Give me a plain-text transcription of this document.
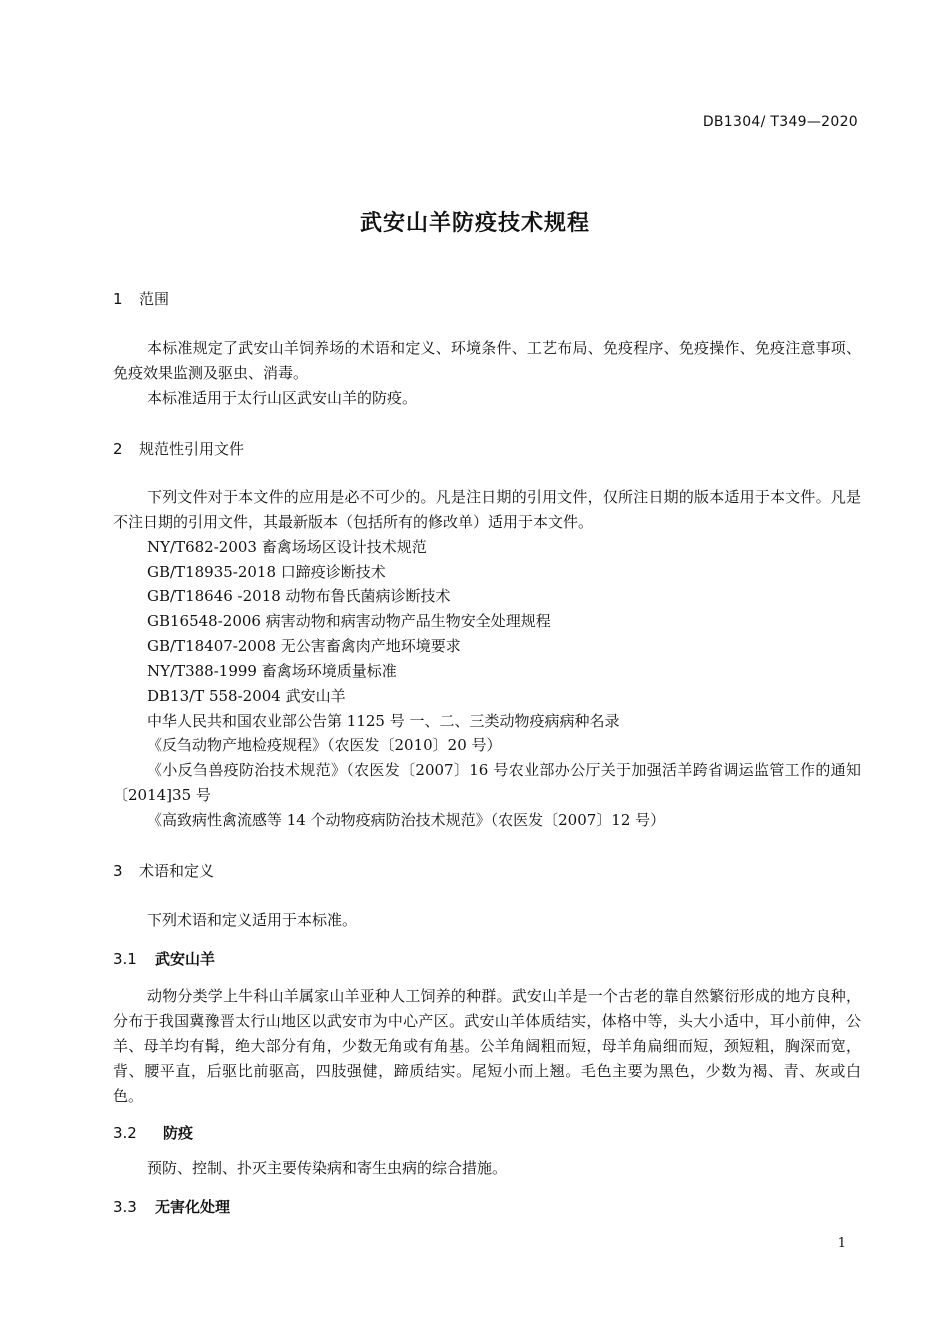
DB1304/ T349—2020
武安山羊防疫技术规程
1 范围
本标准规定了武安山羊饲养场的术语和定义、环境条件、工艺布局、免疫程序、免疫操作、免疫注意事项、免疫效果监测及驱虫、消毒。
本标准适用于太行山区武安山羊的防疫。
2 规范性引用文件
下列文件对于本文件的应用是必不可少的。凡是注日期的引用文件，仅所注日期的版本适用于本文件。凡是不注日期的引用文件，其最新版本（包括所有的修改单）适用于本文件。
NY/T682-2003 畜禽场场区设计技术规范
GB/T18935-2018 口蹄疫诊断技术
GB/T18646 -2018 动物布鲁氏菌病诊断技术
GB16548-2006 病害动物和病害动物产品生物安全处理规程
GB/T18407-2008 无公害畜禽肉产地环境要求
NY/T388-1999 畜禽场环境质量标准
DB13/T 558-2004 武安山羊
中华人民共和国农业部公告第 1125 号 一、二、三类动物疫病病种名录
《反刍动物产地检疫规程》（农医发〔2010〕20 号）
《小反刍兽疫防治技术规范》（农医发〔2007〕16 号农业部办公厅关于加强活羊跨省调运监管工作的通知〔2014]35 号
《高致病性禽流感等 14 个动物疫病防治技术规范》（农医发〔2007〕12 号）
3 术语和定义
下列术语和定义适用于本标准。
3.1 武安山羊
动物分类学上牛科山羊属家山羊亚种人工饲养的种群。武安山羊是一个古老的靠自然繁衍形成的地方良种，分布于我国冀豫晋太行山地区以武安市为中心产区。武安山羊体质结实，体格中等，头大小适中，耳小前伸，公羊、母羊均有髯，绝大部分有角，少数无角或有角基。公羊角阔粗而短，母羊角扁细而短，颈短粗，胸深而宽，背、腰平直，后驱比前驱高，四肢强健，蹄质结实。尾短小而上翘。毛色主要为黑色，少数为褐、青、灰或白色。
3.2 防疫
预防、控制、扑灭主要传染病和寄生虫病的综合措施。
3.3 无害化处理
1
